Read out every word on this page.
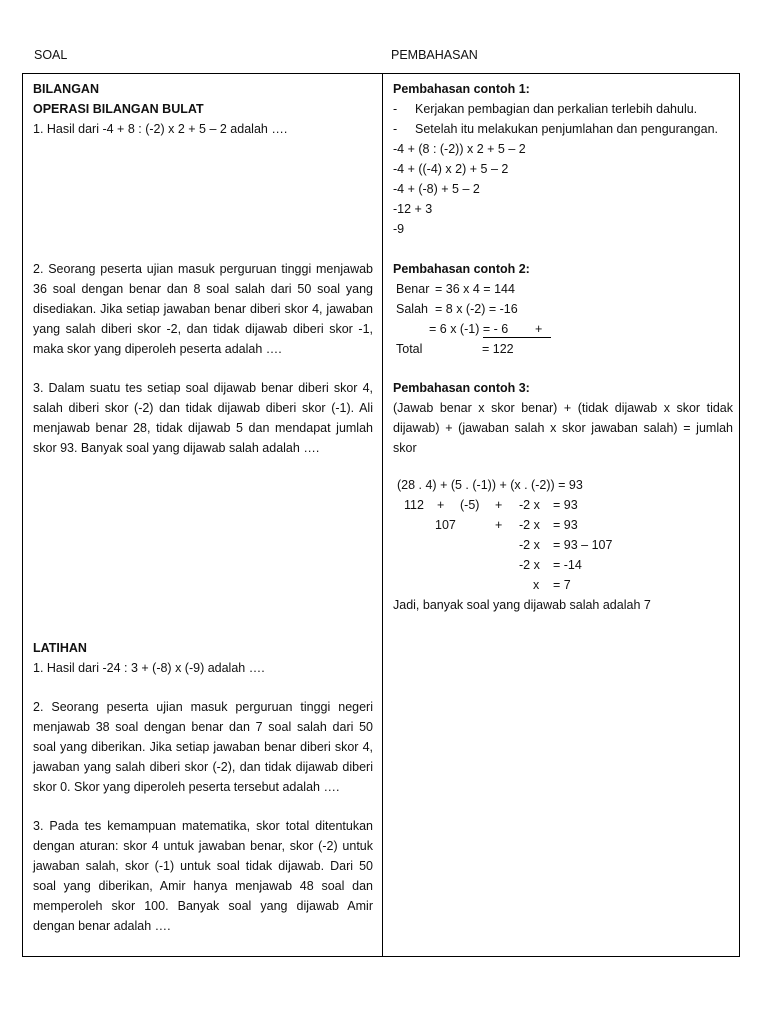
SOAL	PEMBAHASAN
BILANGAN
OPERASI BILANGAN BULAT
1. Hasil dari -4 + 8 : (-2) x 2 + 5 – 2 adalah ….
2. Seorang peserta ujian masuk perguruan tinggi menjawab
36 soal dengan benar dan 8 soal salah dari 50 soal yang
disediakan. Jika setiap jawaban benar diberi skor 4, jawaban
yang salah diberi skor -2, dan tidak dijawab diberi skor -1,
maka skor yang diperoleh peserta adalah ….
3. Dalam suatu tes setiap soal dijawab benar diberi skor 4,
salah diberi skor (-2) dan tidak dijawab diberi skor (-1). Ali
menjawab benar 28, tidak dijawab 5 dan mendapat jumlah
skor 93. Banyak soal yang dijawab salah adalah ….
LATIHAN
1. Hasil dari -24 : 3 + (-8) x (-9) adalah ….
2. Seorang peserta ujian masuk perguruan tinggi negeri
menjawab 38 soal dengan benar dan 7 soal salah dari 50
soal yang diberikan. Jika setiap jawaban benar diberi skor 4,
jawaban yang salah diberi skor (-2), dan tidak dijawab diberi
skor 0. Skor yang diperoleh peserta tersebut adalah ….
3. Pada tes kemampuan matematika, skor total ditentukan
dengan aturan: skor 4 untuk jawaban benar, skor (-2) untuk
jawaban salah, skor (-1) untuk soal tidak dijawab. Dari 50
soal yang diberikan, Amir hanya menjawab 48 soal dan
memperoleh skor 100. Banyak soal yang dijawab Amir
dengan benar adalah ….
Pembahasan contoh 1:
- Kerjakan pembagian dan perkalian terlebih dahulu.
- Setelah itu melakukan penjumlahan dan pengurangan.
-4 + (8 : (-2)) x 2 + 5 – 2
-4 + ((-4) x 2) + 5 – 2
-4 + (-8) + 5 – 2
-12 + 3
-9
Pembahasan contoh 2:
Benar = 36 x 4 = 144
Salah = 8 x (-2) = -16
= 6 x (-1) = - 6 +
Total	= 122
Pembahasan contoh 3:
(Jawab benar x skor benar) + (tidak dijawab x skor tidak
dijawab) + (jawaban salah x skor jawaban salah) = jumlah
skor
(28 . 4) + (5 . (-1)) + (x . (-2)) = 93
112 + (-5) + -2 x = 93
107	+ -2 x = 93
-2 x = 93 – 107
-2 x = -14
x = 7
Jadi, banyak soal yang dijawab salah adalah 7
